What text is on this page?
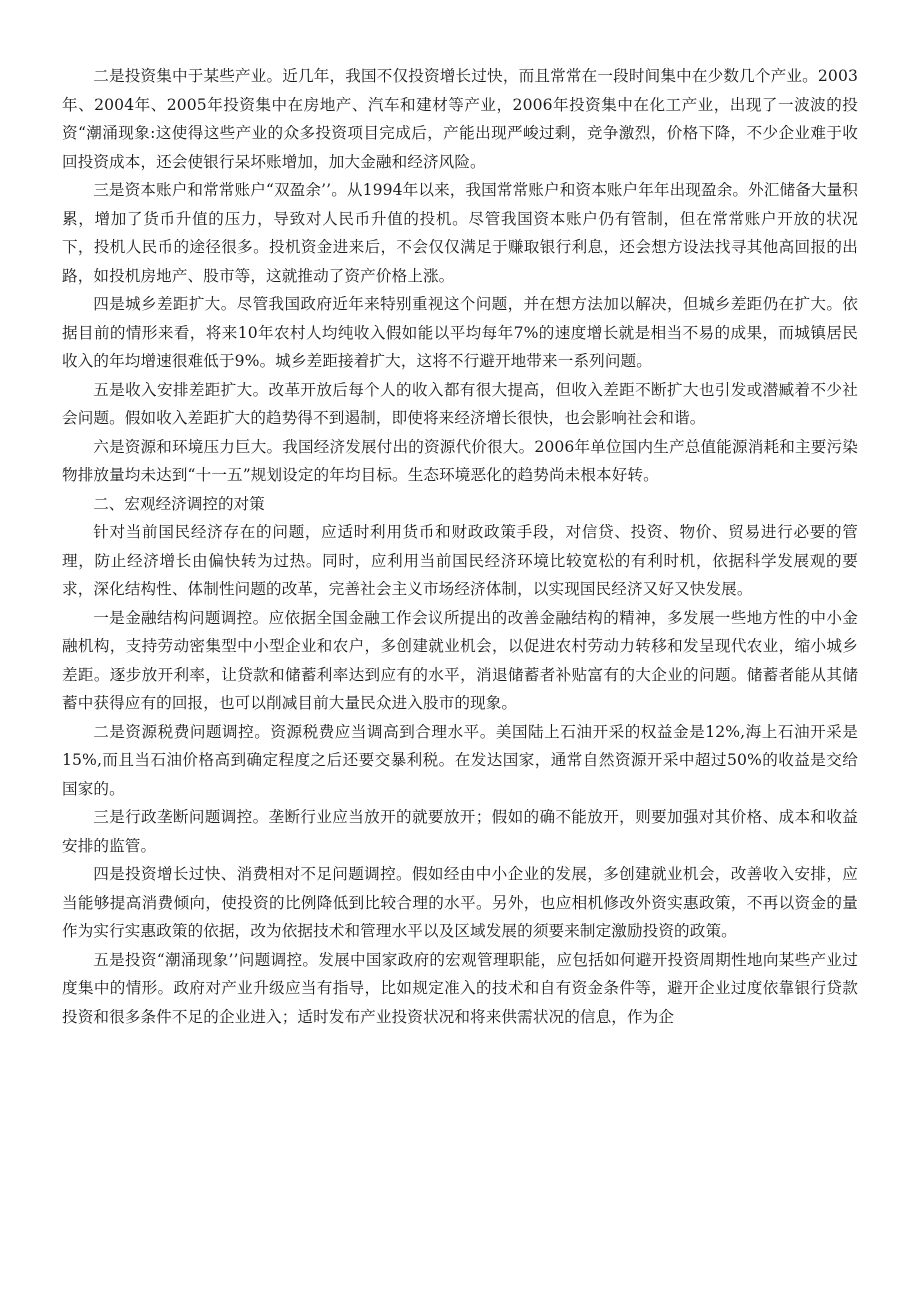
二是投资集中于某些产业。近几年，我国不仅投资增长过快，而且常常在一段时间集中在少数几个产业。2003年、2004年、2005年投资集中在房地产、汽车和建材等产业，2006年投资集中在化工产业，出现了一波波的投资“潮涌现象:这使得这些产业的众多投资项目完成后，产能出现严峻过剩，竞争激烈，价格下降，不少企业难于收回投资成本，还会使银行呆坏账增加，加大金融和经济风险。

三是资本账户和常常账户“双盈余’’。从1994年以来，我国常常账户和资本账户年年出现盈余。外汇储备大量积累，增加了货币升值的压力，导致对人民币升值的投机。尽管我国资本账户仍有管制，但在常常账户开放的状况下，投机人民币的途径很多。投机资金进来后，不会仅仅满足于赚取银行利息，还会想方设法找寻其他高回报的出路，如投机房地产、股市等，这就推动了资产价格上涨。

四是城乡差距扩大。尽管我国政府近年来特别重视这个问题，并在想方法加以解决，但城乡差距仍在扩大。依据目前的情形来看，将来10年农村人均纯收入假如能以平均每年7%的速度增长就是相当不易的成果，而城镇居民收入的年均增速很难低于9%。城乡差距接着扩大，这将不行避开地带来一系列问题。

五是收入安排差距扩大。改革开放后每个人的收入都有很大提高，但收入差距不断扩大也引发或潜臧着不少社会问题。假如收入差距扩大的趋势得不到遏制，即使将来经济增长很快，也会影响社会和谐。

六是资源和环境压力巨大。我国经济发展付出的资源代价很大。2006年单位国内生产总值能源消耗和主要污染物排放量均未达到“十一五”规划设定的年均目标。生态环境恶化的趋势尚未根本好转。

二、宏观经济调控的对策

针对当前国民经济存在的问题，应适时利用货币和财政政策手段，对信贷、投资、物价、贸易进行必要的管理，防止经济增长由偏快转为过热。同时，应利用当前国民经济环境比较宽松的有利时机，依据科学发展观的要求，深化结构性、体制性问题的改革，完善社会主义市场经济体制，以实现国民经济又好又快发展。

一是金融结构问题调控。应依据全国金融工作会议所提出的改善金融结构的精神，多发展一些地方性的中小金融机构，支持劳动密集型中小型企业和农户，多创建就业机会，以促进农村劳动力转移和发呈现代农业，缩小城乡差距。逐步放开利率，让贷款和储蓄利率达到应有的水平，消退储蓄者补贴富有的大企业的问题。储蓄者能从其储蓄中获得应有的回报，也可以削减目前大量民众进入股市的现象。

二是资源税费问题调控。资源税费应当调高到合理水平。美国陆上石油开采的权益金是12%,海上石油开采是15%,而且当石油价格高到确定程度之后还要交暴利税。在发达国家，通常自然资源开采中超过50%的收益是交给国家的。

三是行政垄断问题调控。垄断行业应当放开的就要放开；假如的确不能放开，则要加强对其价格、成本和收益安排的监管。

四是投资增长过快、消费相对不足问题调控。假如经由中小企业的发展，多创建就业机会，改善收入安排，应当能够提高消费倾向，使投资的比例降低到比较合理的水平。另外，也应相机修改外资实惠政策，不再以资金的量作为实行实惠政策的依据，改为依据技术和管理水平以及区域发展的须要来制定激励投资的政策。

五是投资“潮涌现象’’问题调控。发展中国家政府的宏观管理职能，应包括如何避开投资周期性地向某些产业过度集中的情形。政府对产业升级应当有指导，比如规定准入的技术和自有资金条件等，避开企业过度依靠银行贷款投资和很多条件不足的企业进入；适时发布产业投资状况和将来供需状况的信息，作为企
